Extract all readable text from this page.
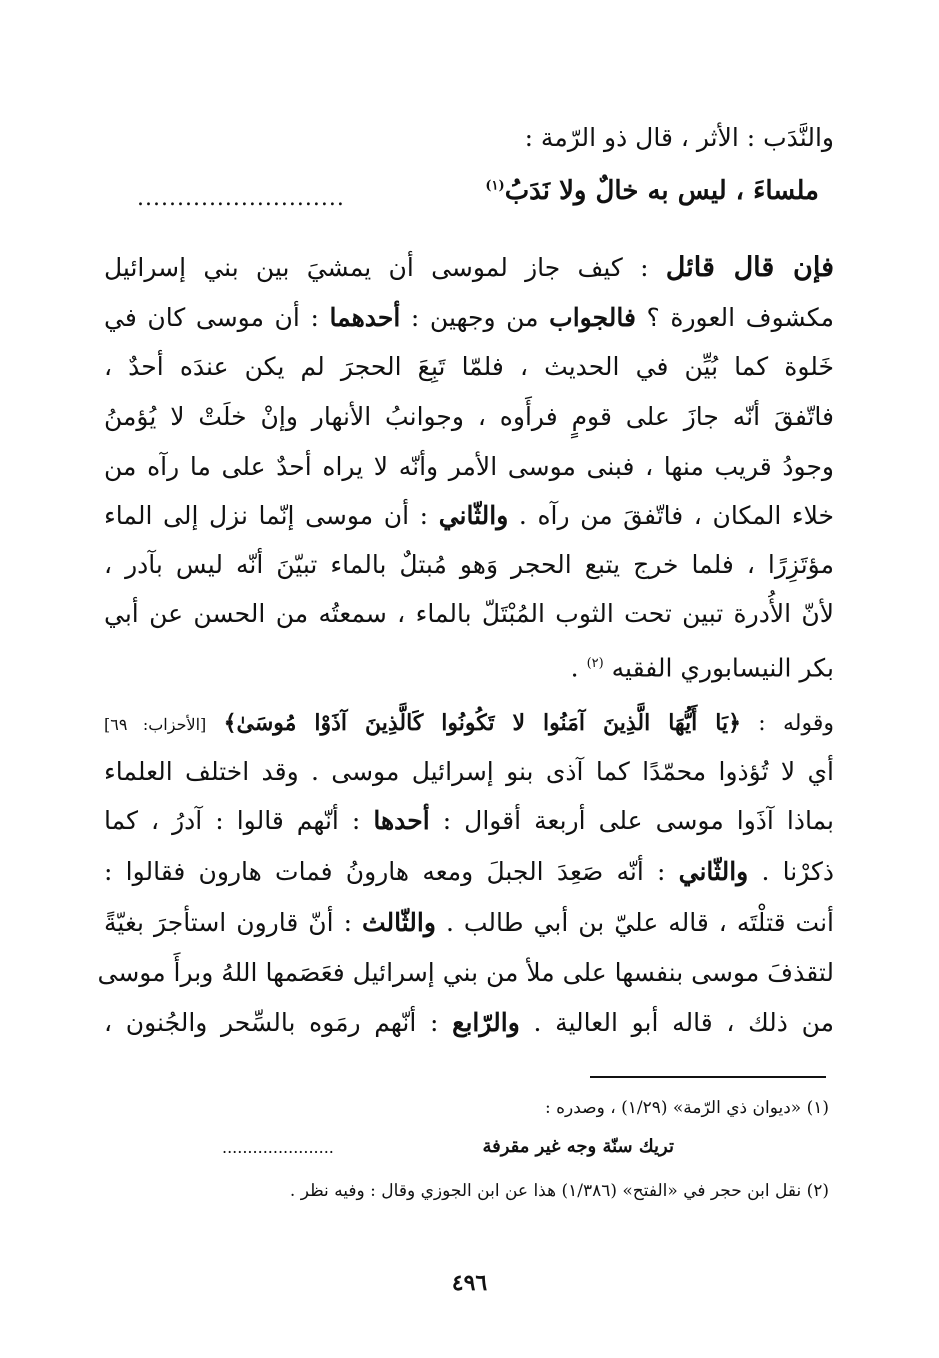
والنَّدَب : الأثر ، قال ذو الرّمة :
ملساءَ ، ليس به خالٌ ولا نَدَبُ$^{(١)}$
..........................
فإن قال قائل : كيف جاز لموسى أن يمشيَ بين بني إسرائيل
مكشوف العورة ؟ فالجواب من وجهين : أحدهما : أن موسى كان في
خَلوة كما بُيِّن في الحديث ، فلمّا تَبِعَ الحجرَ لم يكن عندَه أحدٌ ،
فاتّفقَ أنّه جازَ على قومٍ فرأَوه ، وجوانبُ الأنهار وإنْ خلَتْ لا يُؤمنُ
وجودُ قريب منها ، فبنى موسى الأمر وأنّه لا يراه أحدٌ على ما رآه من
خلاء المكان ، فاتّفقَ من رآه . والثّاني : أن موسى إنّما نزل إلى الماء
مؤتَزِرًا ، فلما خرج يتبع الحجر وَهو مُبتلٌ بالماء تبيّنَ أنّه ليس بآدر ،
لأنّ الأُدرة تبين تحت الثوب المُبْتَلّ بالماء ، سمعتُه من الحسن عن أبي
بكر النيسابوري الفقيه $^{(٢)}$ .
وقوله : ﴿يَا أَيُّهَا الَّذِينَ آمَنُوا لا تَكُونُوا كَالَّذِينَ آذَوْا مُوسَىٰ﴾ [الأحزاب: ٦٩]
أي لا تُؤذوا محمّدًا كما آذى بنو إسرائيل موسى . وقد اختلف العلماء
بماذا آذَوا موسى على أربعة أقوال : أحدها : أنّهم قالوا : آدرُ ، كما
ذكرْنا . والثّاني : أنّه صَعِدَ الجبلَ ومعه هارونُ فمات هارون فقالوا :
أنت قتلْتَه ، قاله عليّ بن أبي طالب . والثّالث : أنّ قارون استأجرَ بغيّةً
لتقذفَ موسى بنفسها على ملأ من بني إسرائيل فعَصَمها اللهُ وبرأَ موسى
من ذلك ، قاله أبو العالية . والرّابع : أنّهم رمَوه بالسِّحر والجُنون ،
(١) «ديوان ذي الرّمة» (١/٢٩) ، وصدره :
تريك سنّة وجه غير مقرفة
......................
(٢) نقل ابن حجر في «الفتح» (١/٣٨٦) هذا عن ابن الجوزي وقال : وفيه نظر .
٤٩٦
